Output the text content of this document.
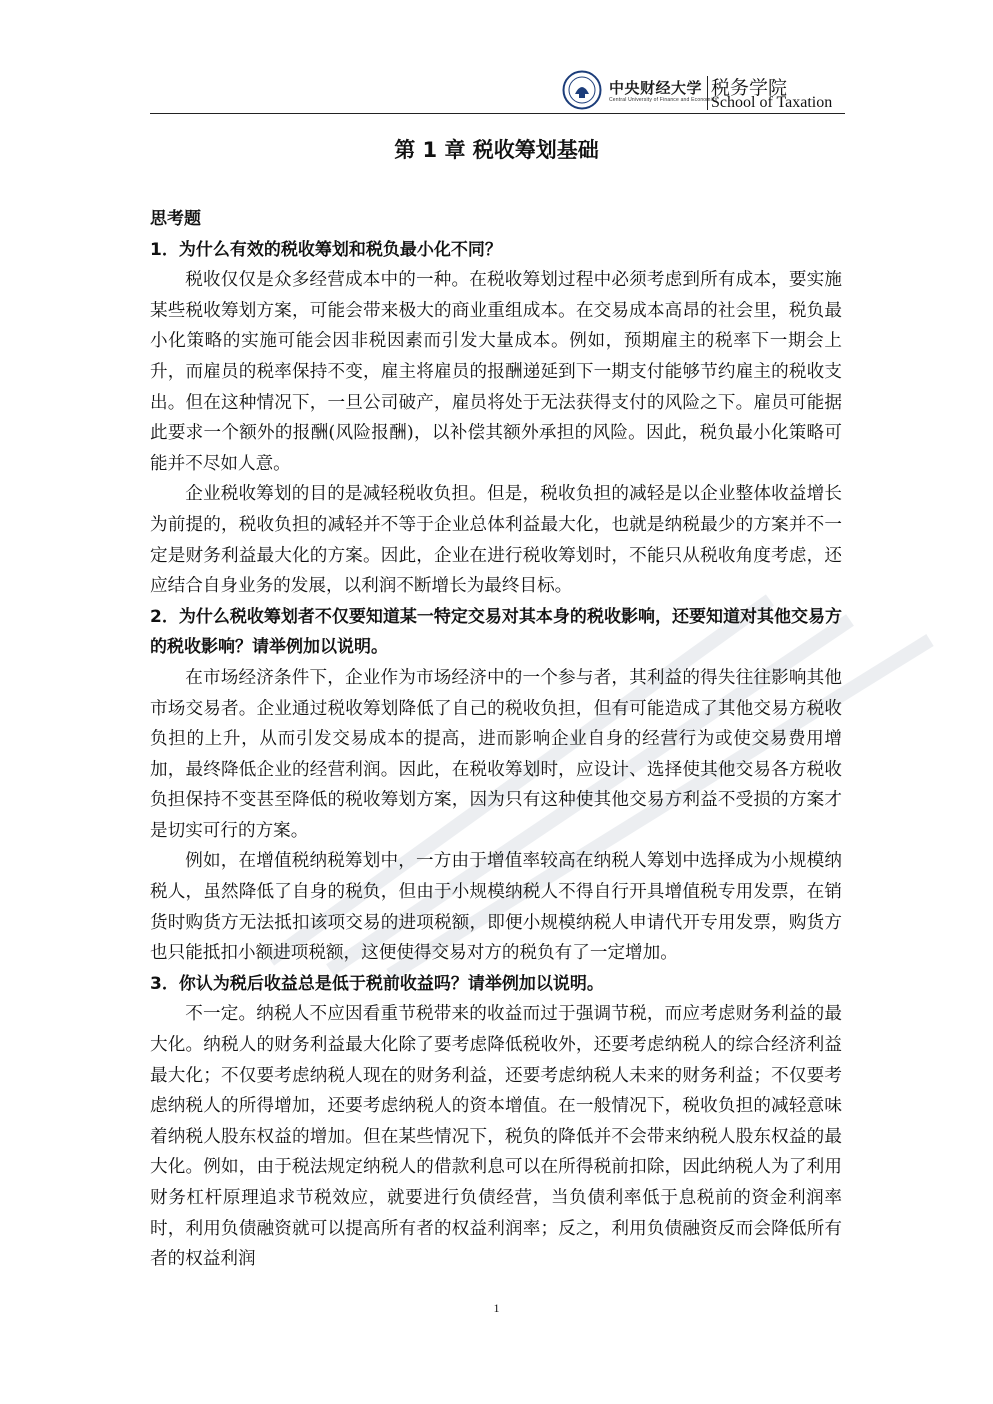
中央财经大学
Central University of Finance and Economics
税务学院
School of Taxation
第 1 章 税收筹划基础

思考题

1．为什么有效的税收筹划和税负最小化不同？

税收仅仅是众多经营成本中的一种。在税收筹划过程中必须考虑到所有成本，要实施某些税收筹划方案，可能会带来极大的商业重组成本。在交易成本高昂的社会里，税负最小化策略的实施可能会因非税因素而引发大量成本。例如，预期雇主的税率下一期会上升，而雇员的税率保持不变，雇主将雇员的报酬递延到下一期支付能够节约雇主的税收支出。但在这种情况下，一旦公司破产，雇员将处于无法获得支付的风险之下。雇员可能据此要求一个额外的报酬(风险报酬)，以补偿其额外承担的风险。因此，税负最小化策略可能并不尽如人意。

企业税收筹划的目的是减轻税收负担。但是，税收负担的减轻是以企业整体收益增长为前提的，税收负担的减轻并不等于企业总体利益最大化，也就是纳税最少的方案并不一定是财务利益最大化的方案。因此，企业在进行税收筹划时，不能只从税收角度考虑，还应结合自身业务的发展，以利润不断增长为最终目标。

2．为什么税收筹划者不仅要知道某一特定交易对其本身的税收影响，还要知道对其他交易方的税收影响？请举例加以说明。

在市场经济条件下，企业作为市场经济中的一个参与者，其利益的得失往往影响其他市场交易者。企业通过税收筹划降低了自己的税收负担，但有可能造成了其他交易方税收负担的上升，从而引发交易成本的提高，进而影响企业自身的经营行为或使交易费用增加，最终降低企业的经营利润。因此，在税收筹划时，应设计、选择使其他交易各方税收负担保持不变甚至降低的税收筹划方案，因为只有这种使其他交易方利益不受损的方案才是切实可行的方案。

例如，在增值税纳税筹划中，一方由于增值率较高在纳税人筹划中选择成为小规模纳税人，虽然降低了自身的税负，但由于小规模纳税人不得自行开具增值税专用发票，在销货时购货方无法抵扣该项交易的进项税额，即便小规模纳税人申请代开专用发票，购货方也只能抵扣小额进项税额，这便使得交易对方的税负有了一定增加。

3．你认为税后收益总是低于税前收益吗？请举例加以说明。

不一定。纳税人不应因看重节税带来的收益而过于强调节税，而应考虑财务利益的最大化。纳税人的财务利益最大化除了要考虑降低税收外，还要考虑纳税人的综合经济利益最大化；不仅要考虑纳税人现在的财务利益，还要考虑纳税人未来的财务利益；不仅要考虑纳税人的所得增加，还要考虑纳税人的资本增值。在一般情况下，税收负担的减轻意味着纳税人股东权益的增加。但在某些情况下，税负的降低并不会带来纳税人股东权益的最大化。例如，由于税法规定纳税人的借款利息可以在所得税前扣除，因此纳税人为了利用财务杠杆原理追求节税效应，就要进行负债经营，当负债利率低于息税前的资金利润率时，利用负债融资就可以提高所有者的权益利润率；反之，利用负债融资反而会降低所有者的权益利润

1
